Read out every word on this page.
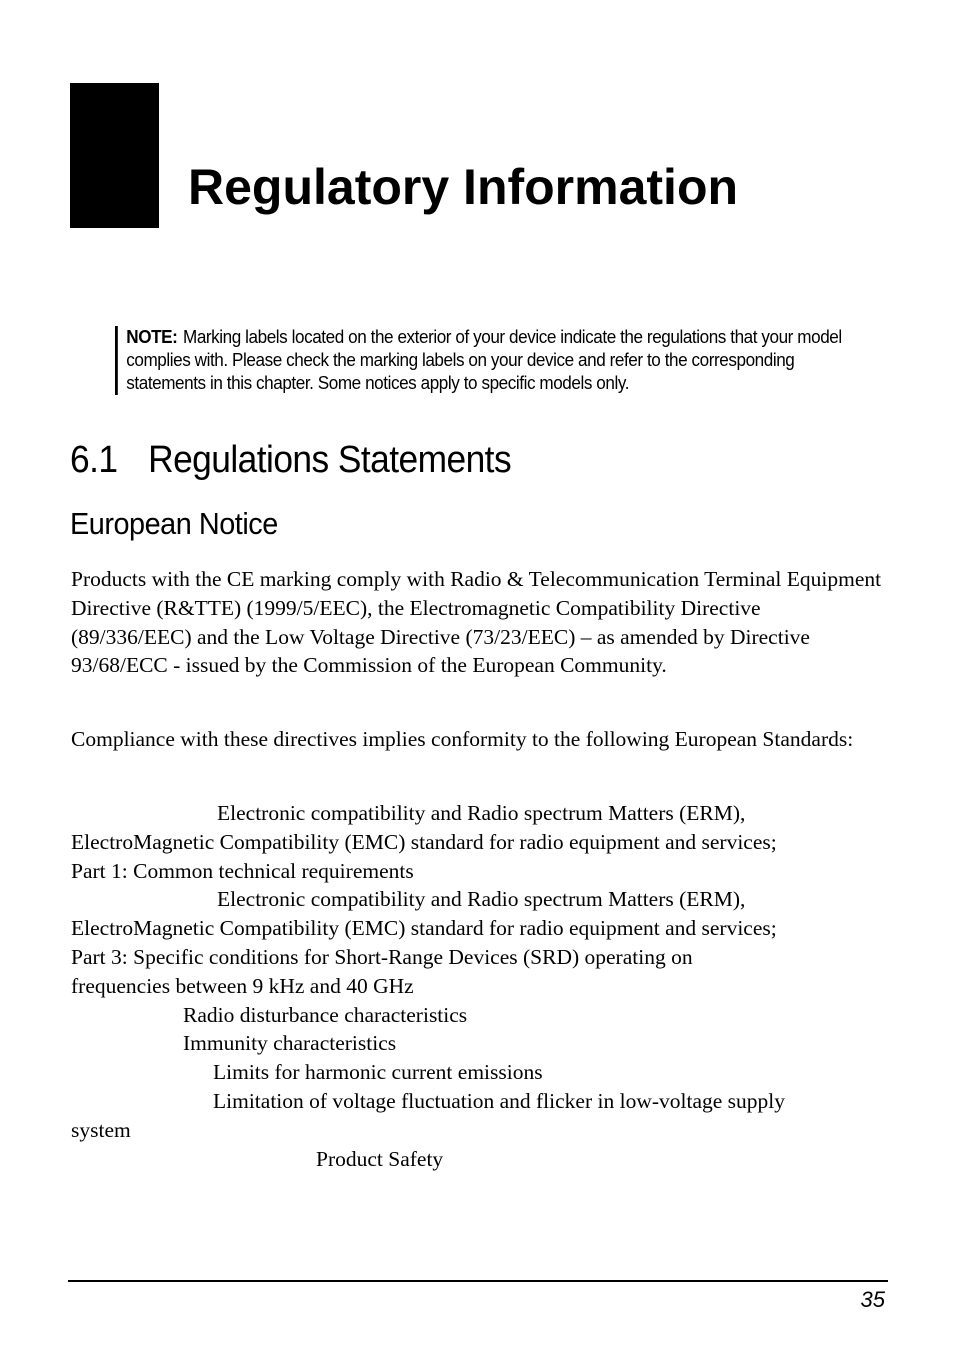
Regulatory Information
NOTE: Marking labels located on the exterior of your device indicate the regulations that your model complies with. Please check the marking labels on your device and refer to the corresponding statements in this chapter. Some notices apply to specific models only.
6.1 Regulations Statements
European Notice

Products with the CE marking comply with Radio & Telecommunication Terminal Equipment Directive (R&TTE) (1999/5/EEC), the Electromagnetic Compatibility Directive (89/336/EEC) and the Low Voltage Directive (73/23/EEC) – as amended by Directive 93/68/ECC - issued by the Commission of the European Community.

Compliance with these directives implies conformity to the following European Standards:

Electronic compatibility and Radio spectrum Matters (ERM),
ElectroMagnetic Compatibility (EMC) standard for radio equipment and services;
Part 1: Common technical requirements
Electronic compatibility and Radio spectrum Matters (ERM),
ElectroMagnetic Compatibility (EMC) standard for radio equipment and services;
Part 3: Specific conditions for Short-Range Devices (SRD) operating on
frequencies between 9 kHz and 40 GHz
Radio disturbance characteristics
Immunity characteristics
Limits for harmonic current emissions
Limitation of voltage fluctuation and flicker in low-voltage supply
system
Product Safety
35
